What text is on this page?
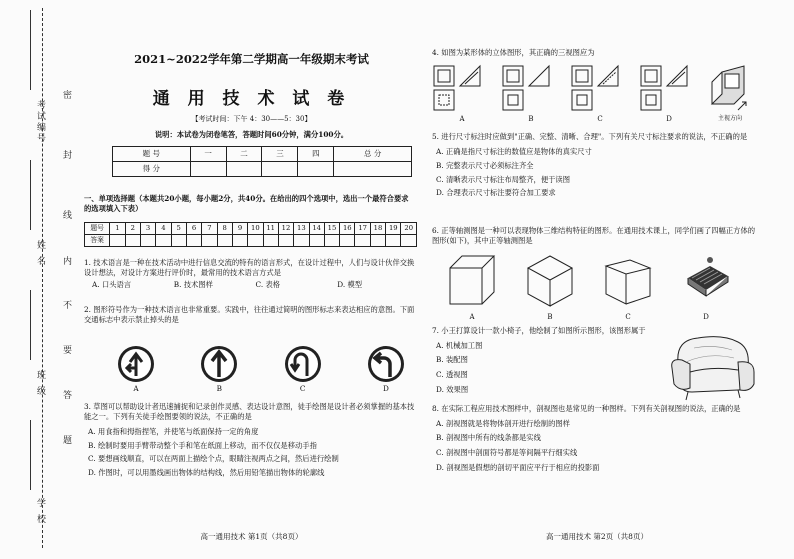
考试编号
姓 名
班 级
学 校
密
封
线
内
不
要
答
题
2021~2022学年第二学期高一年级期末考试
通 用 技 术 试 卷
【考试时间：下午 4：30——5：30】
说明：本试卷为闭卷笔答，答题时间60分钟，满分100分。
题 号	一	二	三	四	总 分
得 分					
一、单项选择题（本题共20小题，每小题2分，共40分。在给出的四个选项中，选出一个最符合要求的选项填入下表）
题号	1	2	3	4	5	6	7	8	9	10	11	12	13	14	15	16	17	18	19	20
答案																				
1. 技术语言是一种在技术活动中进行信息交流的特有的语言形式，在设计过程中，人们与设计伙伴交换设计想法，对设计方案进行评价时，最常用的技术语言方式是
A. 口头语言	B. 技术图样	C. 表格	D. 模型
2. 图形符号作为一种技术语言也非常重要。实践中，往往通过简明的图形标志来表达相应的意图。下面交通标志中表示禁止掉头的是
A	B	C	D
3. 草图可以帮助设计者迅速捕捉和记录创作灵感、表达设计意图，徒手绘图是设计者必须掌握的基本技能之一。下列有关徒手绘图要领的说法，不正确的是
A. 用食指和拇指捏笔，并使笔与纸面保持一定的角度
B. 绘制时要用手臂带动整个手和笔在纸面上移动，而不仅仅是移动手指
C. 要想画线顺直，可以在两面上描绘个点，眼睛注视两点之间，然后进行绘制
D. 作图时，可以用墨线画出物体的结构线，然后用铅笔描出物体的轮廓线
高一通用技术 第1页（共8页）
4. 如图为某形体的立体图形，其正确的三视图应为
A	B	C	D	主视方向
5. 进行尺寸标注时应做到"正确、完整、清晰、合理"。下列有关尺寸标注要求的说法，不正确的是
A. 正确是指尺寸标注的数值应是物体的真实尺寸
B. 完整表示尺寸必须标注齐全
C. 清晰表示尺寸标注布局整齐，便于读图
D. 合理表示尺寸标注要符合加工要求
6. 正等轴测图是一种可以表现物体三维结构特征的图形。在通用技术课上，同学们画了四幅正方体的图形(如下)，其中正等轴测图是
A	B	C	D
7. 小王打算设计一款小椅子，他绘制了如图所示图形，该图形属于
A. 机械加工图
B. 装配图
C. 透视图
D. 效果图
8. 在实际工程应用技术图样中，剖视图也是常见的一种图样。下列有关剖视图的说法，正确的是
A. 剖视图就是将物体剖开进行绘制的图样
B. 剖视图中所有的线条都是实线
C. 剖视图中剖面符号都是等间隔平行细实线
D. 剖视图是假想的剖切平面应平行于相应的投影面
高一通用技术 第2页（共8页）
